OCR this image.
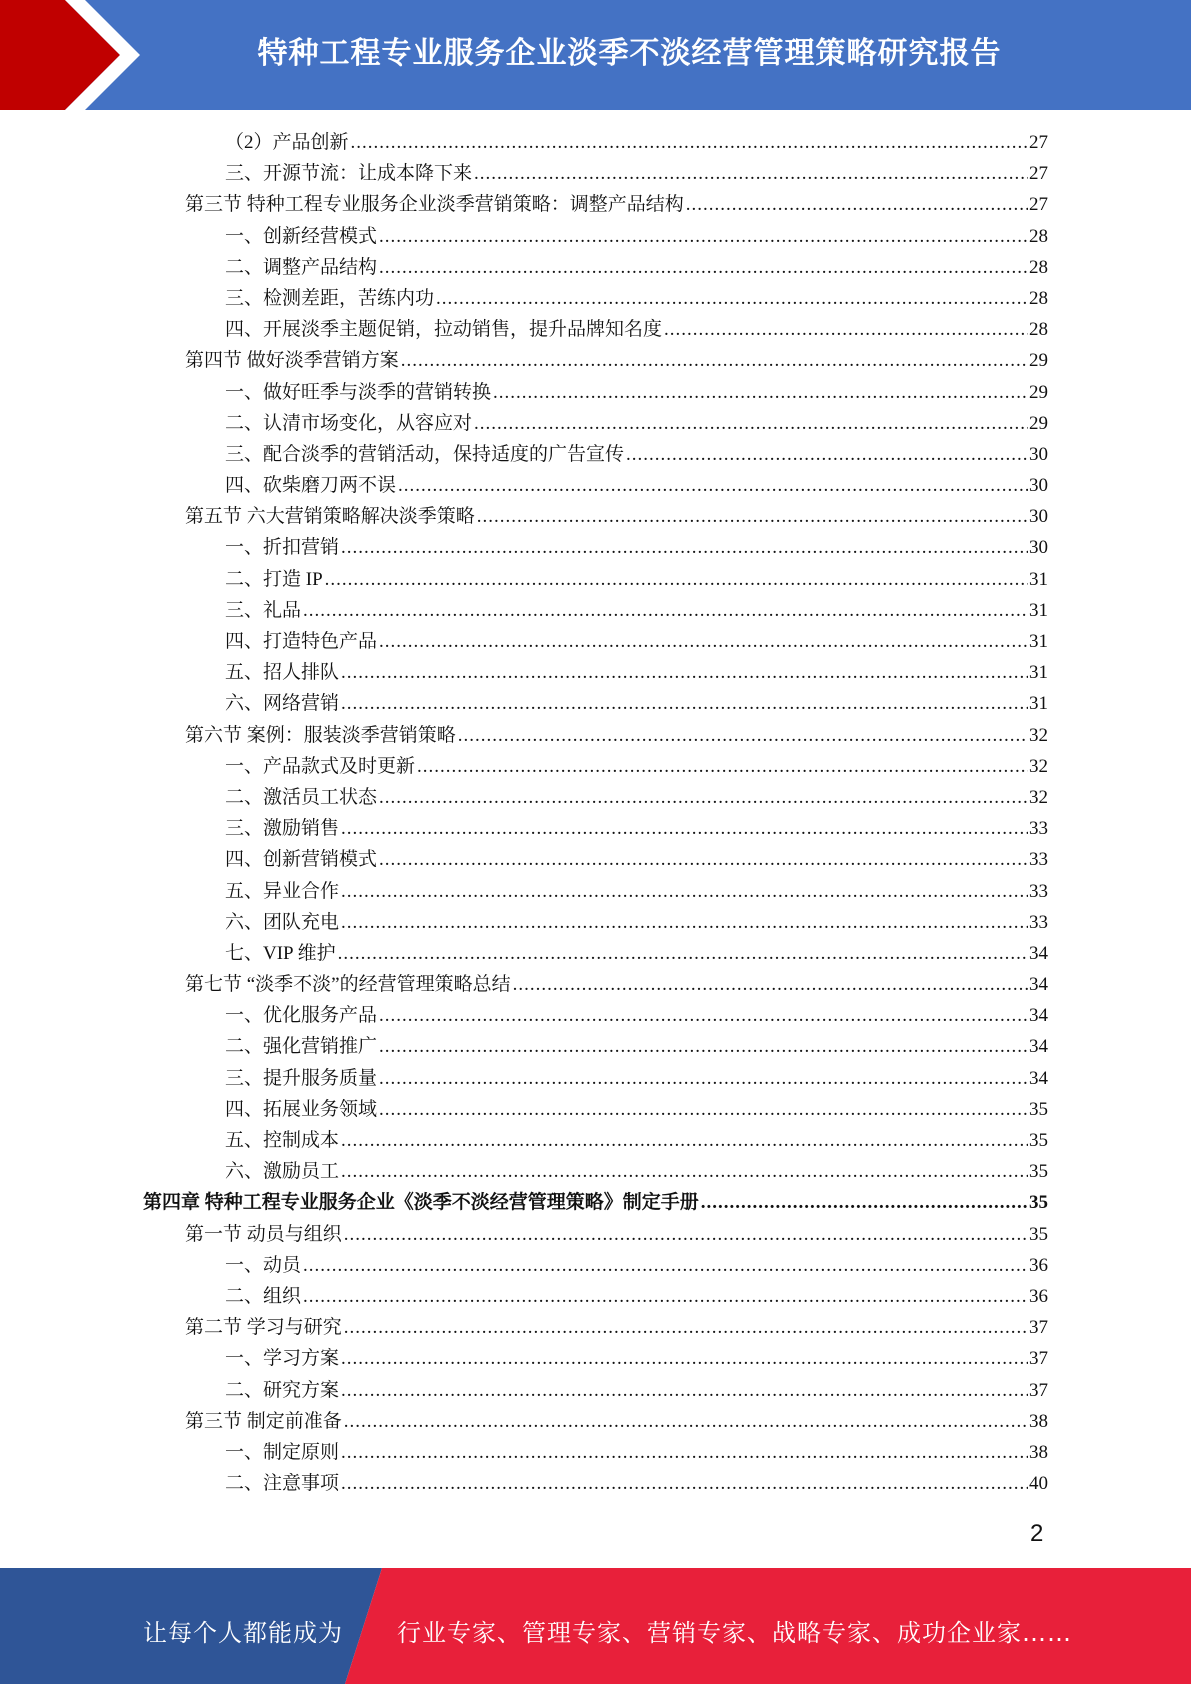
特种工程专业服务企业淡季不淡经营管理策略研究报告
（2）产品创新 .....	27
三、开源节流：让成本降下来 .....	27
第三节 特种工程专业服务企业淡季营销策略：调整产品结构 .....	27
一、创新经营模式 .....	28
二、调整产品结构 .....	28
三、检测差距，苦练内功 .....	28
四、开展淡季主题促销，拉动销售，提升品牌知名度 .....	28
第四节 做好淡季营销方案 .....	29
一、做好旺季与淡季的营销转换 .....	29
二、认清市场变化，从容应对 .....	29
三、配合淡季的营销活动，保持适度的广告宣传 .....	30
四、砍柴磨刀两不误 .....	30
第五节 六大营销策略解决淡季策略 .....	30
一、折扣营销 .....	30
二、打造 IP .....	31
三、礼品 .....	31
四、打造特色产品 .....	31
五、招人排队 .....	31
六、网络营销 .....	31
第六节 案例：服装淡季营销策略 .....	32
一、产品款式及时更新 .....	32
二、激活员工状态 .....	32
三、激励销售 .....	33
四、创新营销模式 .....	33
五、异业合作 .....	33
六、团队充电 .....	33
七、VIP 维护 .....	34
第七节 “淡季不淡”的经营管理策略总结 .....	34
一、优化服务产品 .....	34
二、强化营销推广 .....	34
三、提升服务质量 .....	34
四、拓展业务领域 .....	35
五、控制成本 .....	35
六、激励员工 .....	35
第四章 特种工程专业服务企业《淡季不淡经营管理策略》制定手册 .....	35
第一节 动员与组织 .....	35
一、动员 .....	36
二、组织 .....	36
第二节 学习与研究 .....	37
一、学习方案 .....	37
二、研究方案 .....	37
第三节 制定前准备 .....	38
一、制定原则 .....	38
二、注意事项 .....	40
2
让每个人都能成为 行业专家、管理专家、营销专家、战略专家、成功企业家……
